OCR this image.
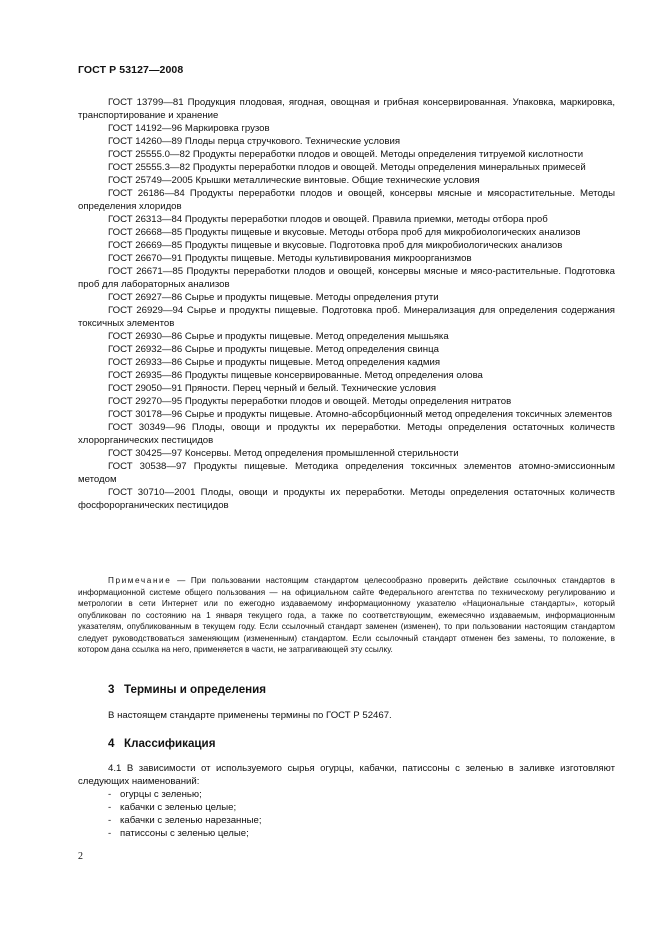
ГОСТ Р 53127—2008

ГОСТ 13799—81 Продукция плодовая, ягодная, овощная и грибная консервированная. Упаковка, маркировка, транспортирование и хранение

ГОСТ 14192—96 Маркировка грузов

ГОСТ 14260—89 Плоды перца стручкового. Технические условия

ГОСТ 25555.0—82 Продукты переработки плодов и овощей. Методы определения титруемой кислотности

ГОСТ 25555.3—82 Продукты переработки плодов и овощей. Методы определения минеральных примесей

ГОСТ 25749—2005 Крышки металлические винтовые. Общие технические условия

ГОСТ 26186—84 Продукты переработки плодов и овощей, консервы мясные и мясорастительные. Методы определения хлоридов

ГОСТ 26313—84 Продукты переработки плодов и овощей. Правила приемки, методы отбора проб

ГОСТ 26668—85 Продукты пищевые и вкусовые. Методы отбора проб для микробиологических анализов

ГОСТ 26669—85 Продукты пищевые и вкусовые. Подготовка проб для микробиологических анализов

ГОСТ 26670—91 Продукты пищевые. Методы культивирования микроорганизмов

ГОСТ 26671—85 Продукты переработки плодов и овощей, консервы мясные и мясо-растительные. Подготовка проб для лабораторных анализов

ГОСТ 26927—86 Сырье и продукты пищевые. Методы определения ртути

ГОСТ 26929—94 Сырье и продукты пищевые. Подготовка проб. Минерализация для определения содержания токсичных элементов

ГОСТ 26930—86 Сырье и продукты пищевые. Метод определения мышьяка

ГОСТ 26932—86 Сырье и продукты пищевые. Метод определения свинца

ГОСТ 26933—86 Сырье и продукты пищевые. Метод определения кадмия

ГОСТ 26935—86 Продукты пищевые консервированные. Метод определения олова

ГОСТ 29050—91 Пряности. Перец черный и белый. Технические условия

ГОСТ 29270—95 Продукты переработки плодов и овощей. Методы определения нитратов

ГОСТ 30178—96 Сырье и продукты пищевые. Атомно-абсорбционный метод определения токсичных элементов

ГОСТ 30349—96 Плоды, овощи и продукты их переработки. Методы определения остаточных количеств хлорорганических пестицидов

ГОСТ 30425—97 Консервы. Метод определения промышленной стерильности

ГОСТ 30538—97 Продукты пищевые. Методика определения токсичных элементов атомно-эмиссионным методом

ГОСТ 30710—2001 Плоды, овощи и продукты их переработки. Методы определения остаточных количеств фосфорорганических пестицидов

Примечание — При пользовании настоящим стандартом целесообразно проверить действие ссылочных стандартов в информационной системе общего пользования — на официальном сайте Федерального агентства по техническому регулированию и метрологии в сети Интернет или по ежегодно издаваемому информационному указателю «Национальные стандарты», который опубликован по состоянию на 1 января текущего года, а также по соответствующим, ежемесячно издаваемым, информационным указателям, опубликованным в текущем году. Если ссылочный стандарт заменен (изменен), то при пользовании настоящим стандартом следует руководствоваться заменяющим (измененным) стандартом. Если ссылочный стандарт отменен без замены, то положение, в котором дана ссылка на него, применяется в части, не затрагивающей эту ссылку.

3 Термины и определения

В настоящем стандарте применены термины по ГОСТ Р 52467.

4 Классификация

4.1 В зависимости от используемого сырья огурцы, кабачки, патиссоны с зеленью в заливке изготовляют следующих наименований:

- огурцы с зеленью;

- кабачки с зеленью целые;

- кабачки с зеленью нарезанные;

- патиссоны с зеленью целые;

2
